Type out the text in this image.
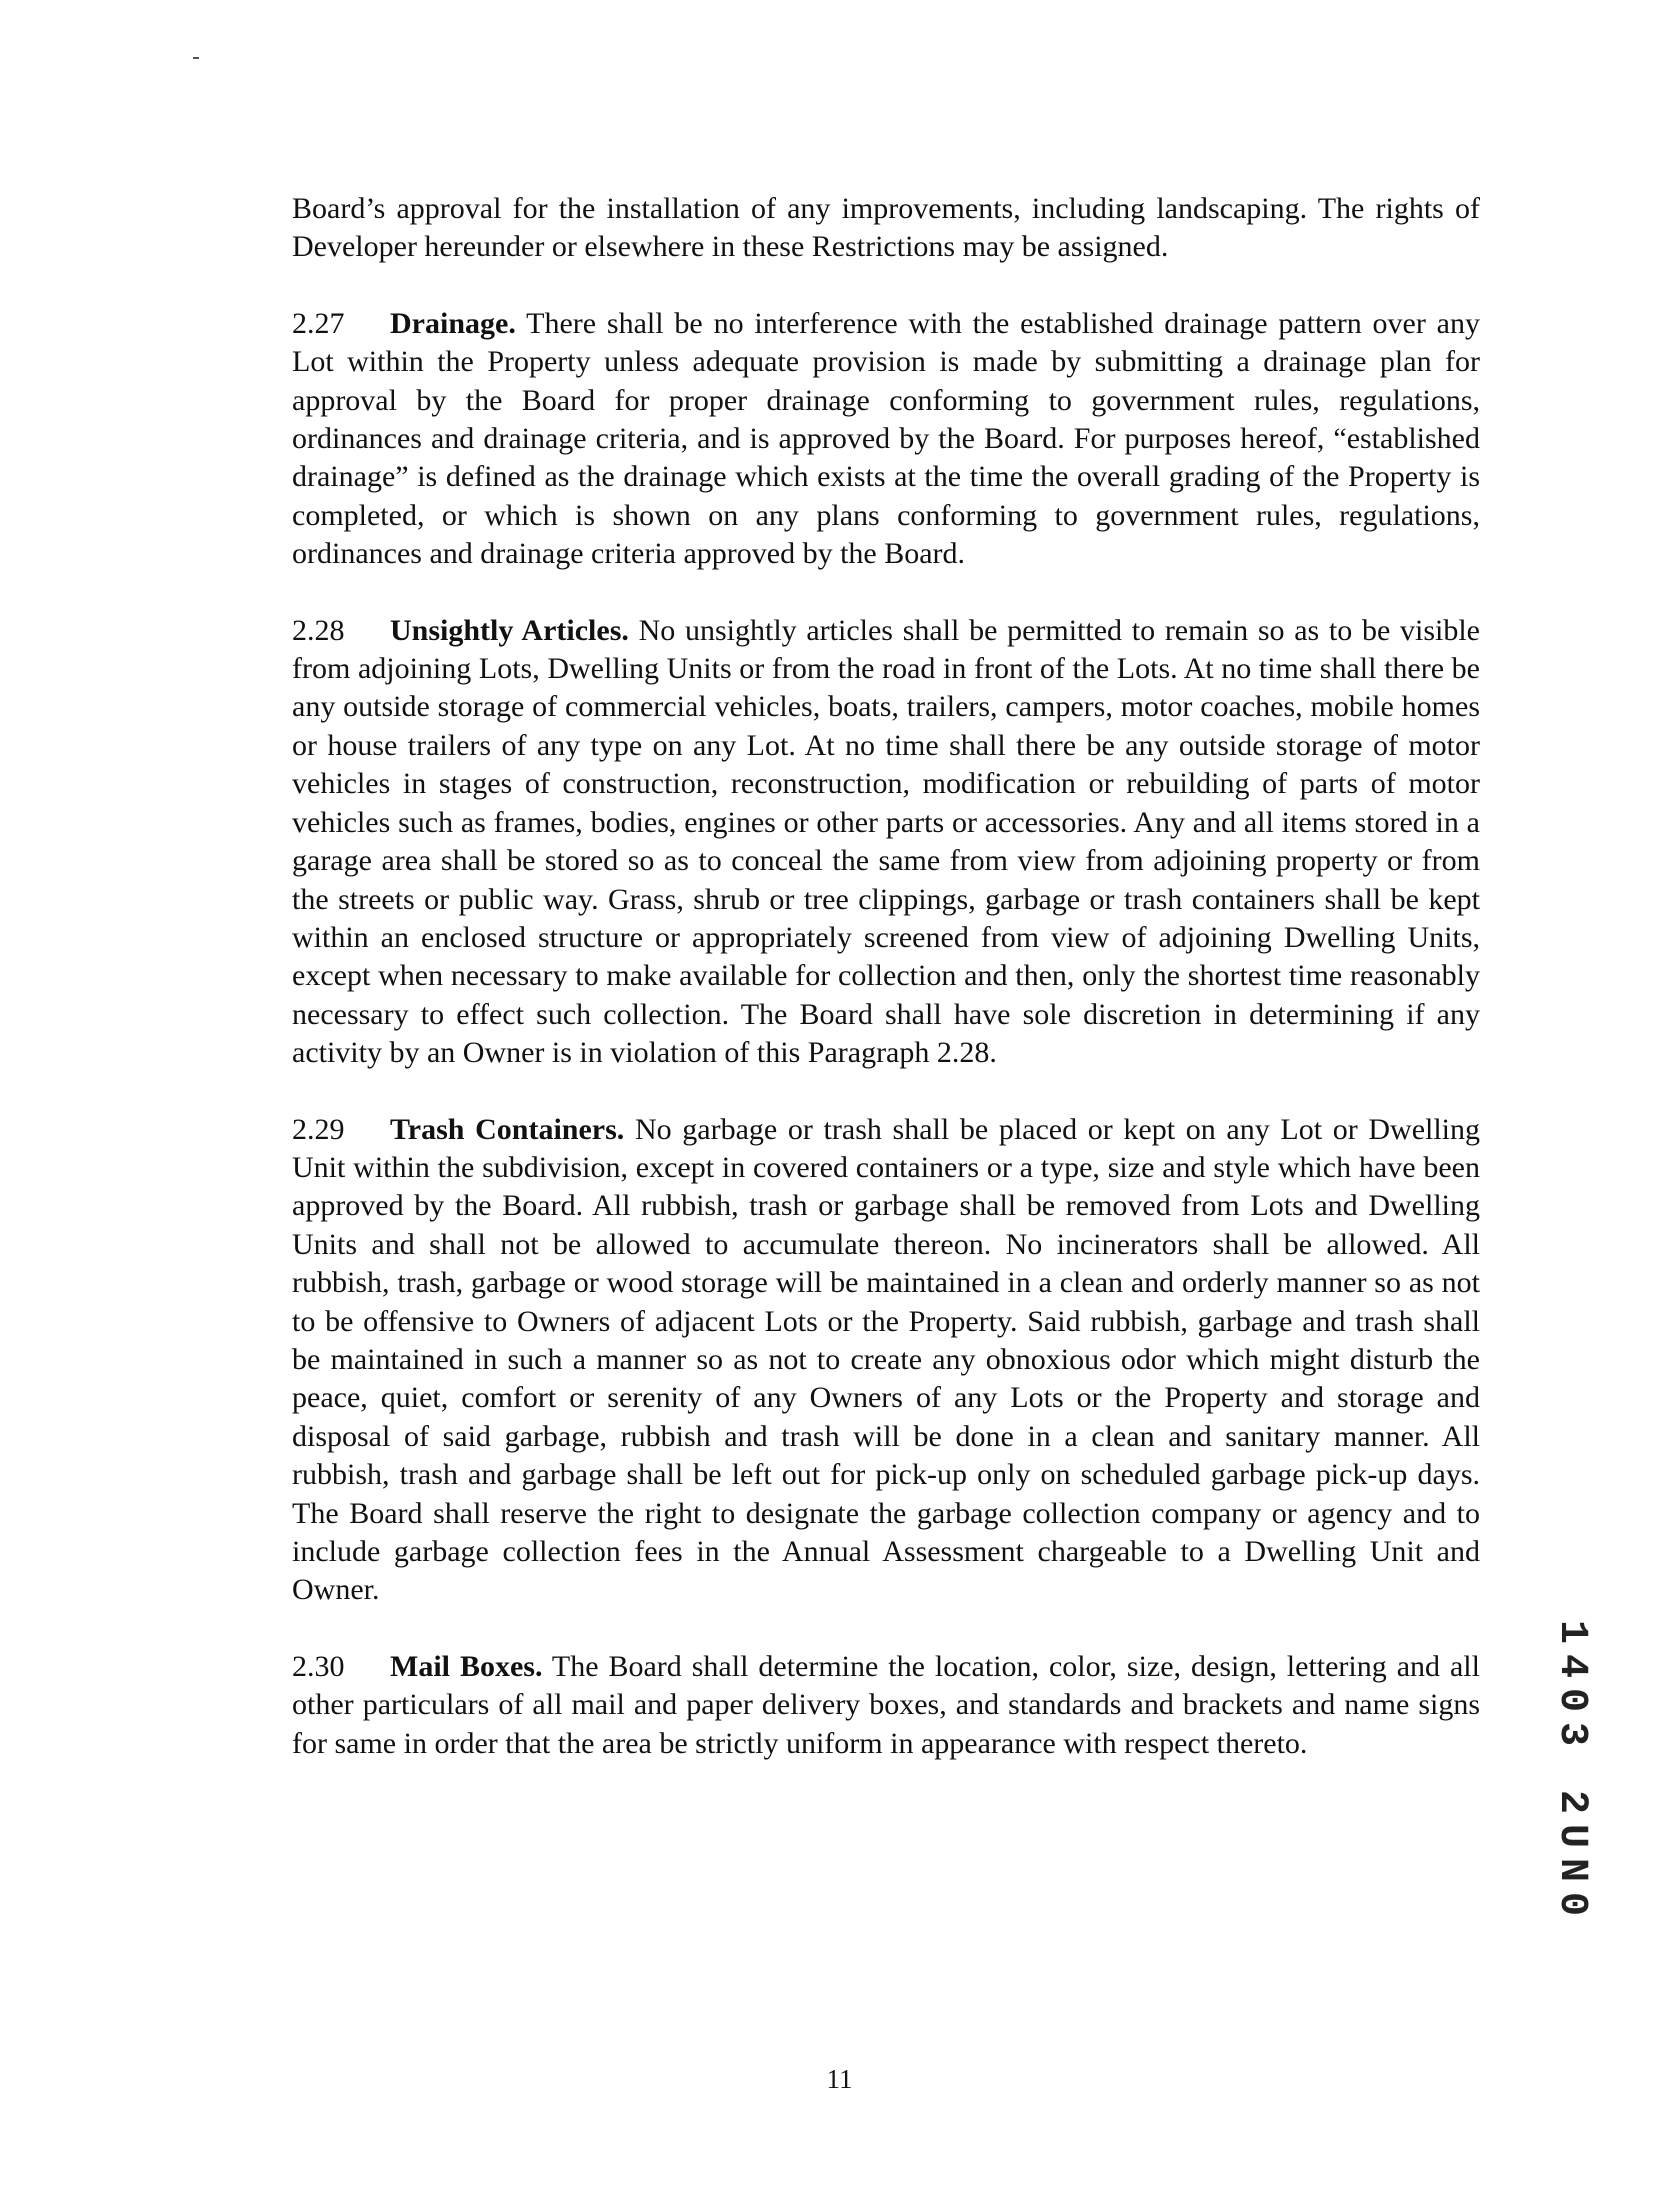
Board’s approval for the installation of any improvements, including landscaping. The rights of Developer hereunder or elsewhere in these Restrictions may be assigned.

2.27 Drainage. There shall be no interference with the established drainage pattern over any Lot within the Property unless adequate provision is made by submitting a drainage plan for approval by the Board for proper drainage conforming to government rules, regulations, ordinances and drainage criteria, and is approved by the Board. For purposes hereof, “established drainage” is defined as the drainage which exists at the time the overall grading of the Property is completed, or which is shown on any plans conforming to government rules, regulations, ordinances and drainage criteria approved by the Board.

2.28 Unsightly Articles. No unsightly articles shall be permitted to remain so as to be visible from adjoining Lots, Dwelling Units or from the road in front of the Lots. At no time shall there be any outside storage of commercial vehicles, boats, trailers, campers, motor coaches, mobile homes or house trailers of any type on any Lot. At no time shall there be any outside storage of motor vehicles in stages of construction, reconstruction, modification or rebuilding of parts of motor vehicles such as frames, bodies, engines or other parts or accessories. Any and all items stored in a garage area shall be stored so as to conceal the same from view from adjoining property or from the streets or public way. Grass, shrub or tree clippings, garbage or trash containers shall be kept within an enclosed structure or appropriately screened from view of adjoining Dwelling Units, except when necessary to make available for collection and then, only the shortest time reasonably necessary to effect such collection. The Board shall have sole discretion in determining if any activity by an Owner is in violation of this Paragraph 2.28.

2.29 Trash Containers. No garbage or trash shall be placed or kept on any Lot or Dwelling Unit within the subdivision, except in covered containers or a type, size and style which have been approved by the Board. All rubbish, trash or garbage shall be removed from Lots and Dwelling Units and shall not be allowed to accumulate thereon. No incinerators shall be allowed. All rubbish, trash, garbage or wood storage will be maintained in a clean and orderly manner so as not to be offensive to Owners of adjacent Lots or the Property. Said rubbish, garbage and trash shall be maintained in such a manner so as not to create any obnoxious odor which might disturb the peace, quiet, comfort or serenity of any Owners of any Lots or the Property and storage and disposal of said garbage, rubbish and trash will be done in a clean and sanitary manner. All rubbish, trash and garbage shall be left out for pick-up only on scheduled garbage pick-up days. The Board shall reserve the right to designate the garbage collection company or agency and to include garbage collection fees in the Annual Assessment chargeable to a Dwelling Unit and Owner.

2.30 Mail Boxes. The Board shall determine the location, color, size, design, lettering and all other particulars of all mail and paper delivery boxes, and standards and brackets and name signs for same in order that the area be strictly uniform in appearance with respect thereto.	1403 2UN0
11
